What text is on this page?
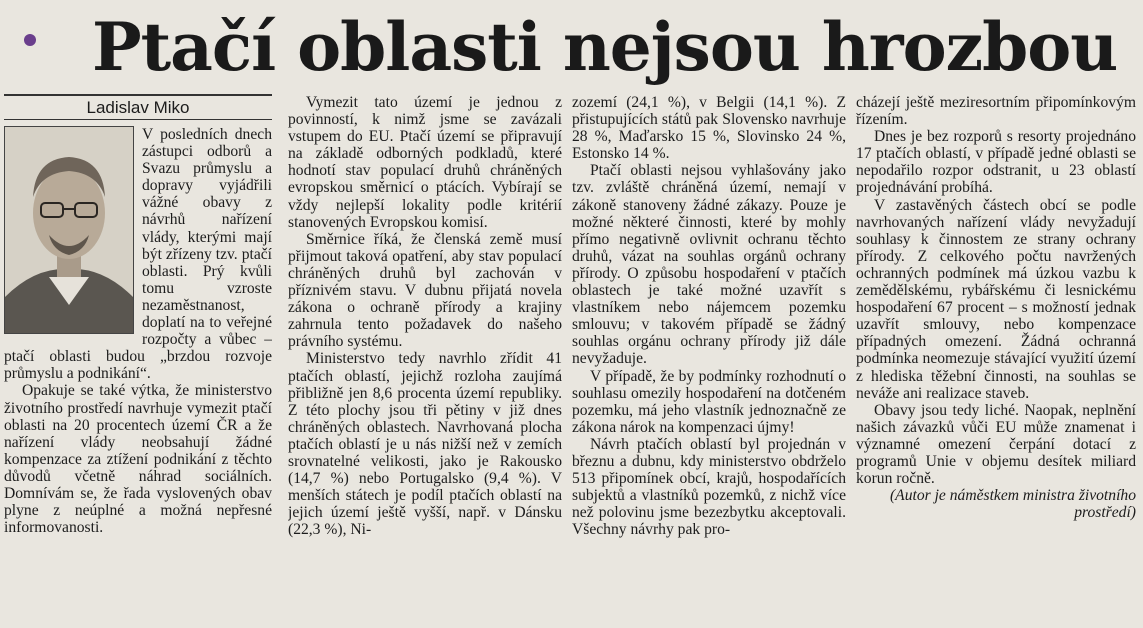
Ptačí oblasti nejsou hrozbou
Ladislav Miko

V posledních dnech zástupci odborů a Svazu průmyslu a dopravy vyjádřili vážné obavy z návrhů nařízení vlády, kterými mají být zřízeny tzv. ptačí oblasti. Prý kvůli tomu vzroste nezaměstnanost, doplatí na to veřejné rozpočty a vůbec – ptačí oblasti budou „brzdou rozvoje průmyslu a podnikání“.

Opakuje se také výtka, že ministerstvo životního prostředí navrhuje vymezit ptačí oblasti na 20 procentech území ČR a že nařízení vlády neobsahují žádné kompenzace za ztížení podnikání z těchto důvodů včetně náhrad sociálních. Domnívám se, že řada vyslovených obav plyne z neúplné a možná nepřesné informovanosti.

Vymezit tato území je jednou z povinností, k nimž jsme se zavázali vstupem do EU. Ptačí území se připravují na základě odborných podkladů, které hodnotí stav populací druhů chráněných evropskou směrnicí o ptácích. Vybírají se vždy nejlepší lokality podle kritérií stanovených Evropskou komisí.

Směrnice říká, že členská země musí přijmout taková opatření, aby stav populací chráněných druhů byl zachován v příznivém stavu. V dubnu přijatá novela zákona o ochraně přírody a krajiny zahrnula tento požadavek do našeho právního systému.

Ministerstvo tedy navrhlo zřídit 41 ptačích oblastí, jejichž rozloha zaujímá přibližně jen 8,6 procenta území republiky. Z této plochy jsou tři pětiny v již dnes chráněných oblastech. Navrhovaná plocha ptačích oblastí je u nás nižší než v zemích srovnatelné velikosti, jako je Rakousko (14,7 %) nebo Portugalsko (9,4 %). V menších státech je podíl ptačích oblastí na jejich území ještě vyšší, např. v Dánsku (22,3 %), Ni-

zozemí (24,1 %), v Belgii (14,1 %). Z přistupujících států pak Slovensko navrhuje 28 %, Maďarsko 15 %, Slovinsko 24 %, Estonsko 14 %.

Ptačí oblasti nejsou vyhlašovány jako tzv. zvláště chráněná území, nemají v zákoně stanoveny žádné zákazy. Pouze je možné některé činnosti, které by mohly přímo negativně ovlivnit ochranu těchto druhů, vázat na souhlas orgánů ochrany přírody. O způsobu hospodaření v ptačích oblastech je také možné uzavřít s vlastníkem nebo nájemcem pozemku smlouvu; v takovém případě se žádný souhlas orgánu ochrany přírody již dále nevyžaduje.

V případě, že by podmínky rozhodnutí o souhlasu omezily hospodaření na dotčeném pozemku, má jeho vlastník jednoznačně ze zákona nárok na kompenzaci újmy!

Návrh ptačích oblastí byl projednán v březnu a dubnu, kdy ministerstvo obdrželo 513 připomínek obcí, krajů, hospodařících subjektů a vlastníků pozemků, z nichž více než polovinu jsme bezezbytku akceptovali. Všechny návrhy pak pro-

cházejí ještě meziresortním připomínkovým řízením.

Dnes je bez rozporů s resorty projednáno 17 ptačích oblastí, v případě jedné oblasti se nepodařilo rozpor odstranit, u 23 oblastí projednávání probíhá.

V zastavěných částech obcí se podle navrhovaných nařízení vlády nevyžadují souhlasy k činnostem ze strany ochrany přírody. Z celkového počtu navržených ochranných podmínek má úzkou vazbu k zemědělskému, rybářskému či lesnickému hospodaření 67 procent – s možností jednak uzavřít smlouvy, nebo kompenzace případných omezení. Žádná ochranná podmínka neomezuje stávající využití území z hlediska těžební činnosti, na souhlas se neváže ani realizace staveb.

Obavy jsou tedy liché. Naopak, neplnění našich závazků vůči EU může znamenat i významné omezení čerpání dotací z programů Unie v objemu desítek miliard korun ročně.

(Autor je náměstkem ministra životního prostředí)
